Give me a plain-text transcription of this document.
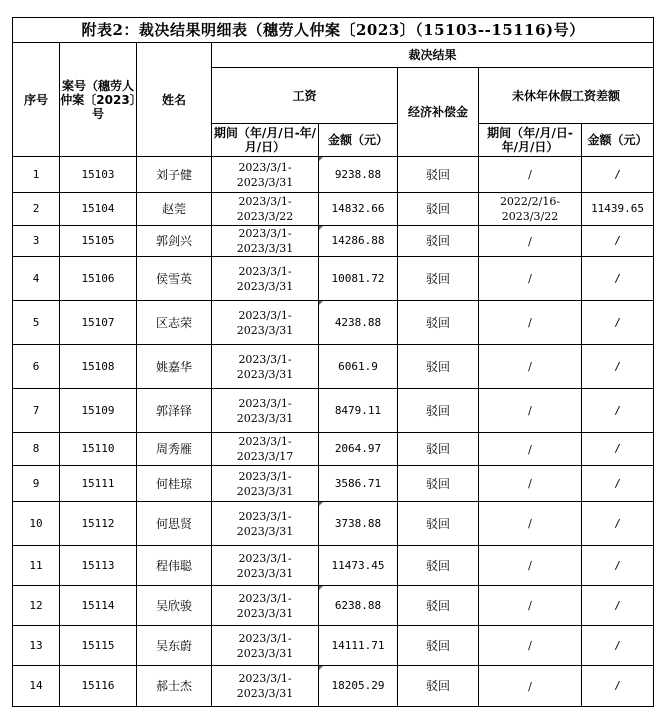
附表2：裁决结果明细表（穗劳人仲案〔2023〕（15103--15116)号）							
序号	案号（穗劳人仲案〔2023〕号	姓名	裁决结果				
			工资		经济补偿金	未休年休假工资差额	
			期间（年/月/日-年/月/日）	金额（元）		期间（年/月/日-年/月/日）	金额（元）
1	15103	刘子健	2023/3/1-
2023/3/31	9238.88	驳回	/	/
2	15104	赵莞	2023/3/1-
2023/3/22	14832.66	驳回	2022/2/16-
2023/3/22	11439.65
3	15105	郭剑兴	2023/3/1-
2023/3/31	14286.88	驳回	/	/
4	15106	侯雪英	2023/3/1-
2023/3/31	10081.72	驳回	/	/
5	15107	区志荣	2023/3/1-
2023/3/31	4238.88	驳回	/	/
6	15108	姚嘉华	2023/3/1-
2023/3/31	6061.9	驳回	/	/
7	15109	郭泽铎	2023/3/1-
2023/3/31	8479.11	驳回	/	/
8	15110	周秀雁	2023/3/1-
2023/3/17	2064.97	驳回	/	/
9	15111	何桂琼	2023/3/1-
2023/3/31	3586.71	驳回	/	/
10	15112	何思贤	2023/3/1-
2023/3/31	3738.88	驳回	/	/
11	15113	程伟聪	2023/3/1-
2023/3/31	11473.45	驳回	/	/
12	15114	吴欣骏	2023/3/1-
2023/3/31	6238.88	驳回	/	/
13	15115	吴东蔚	2023/3/1-
2023/3/31	14111.71	驳回	/	/
14	15116	郝士杰	2023/3/1-
2023/3/31	18205.29	驳回	/	/
